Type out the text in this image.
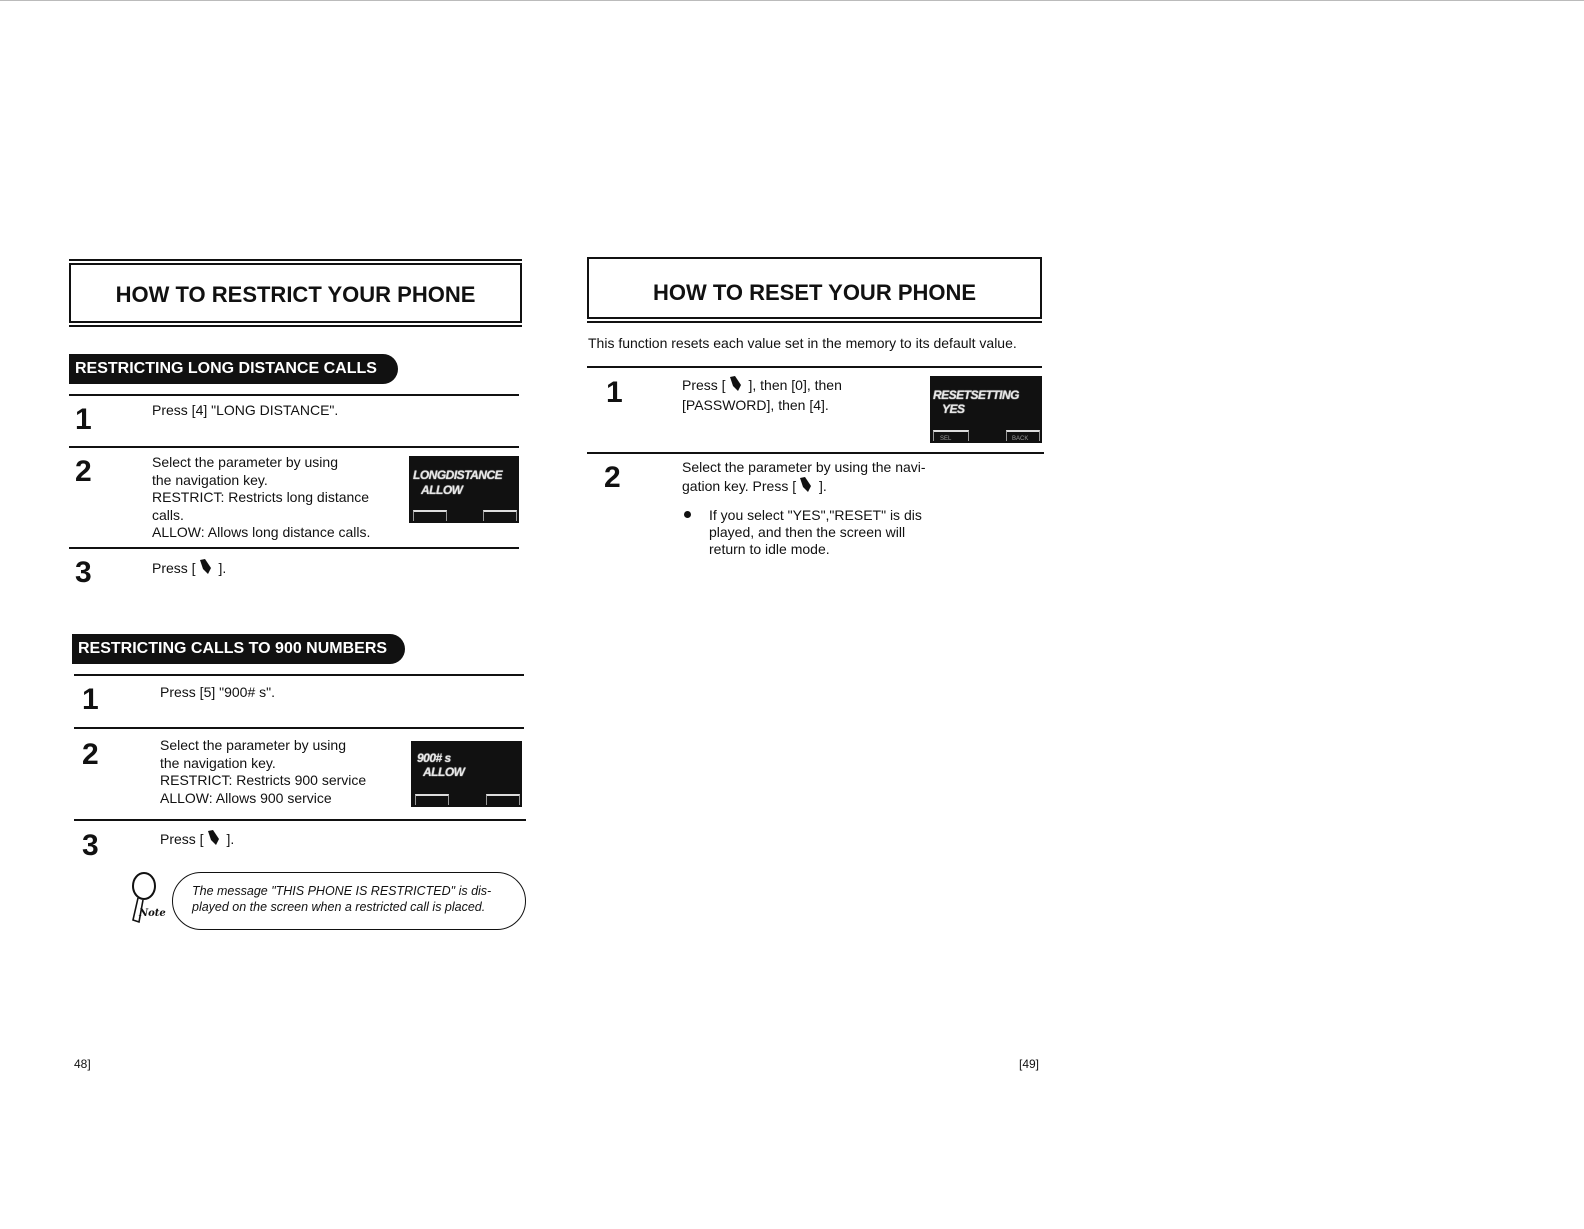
HOW TO RESTRICT YOUR PHONE
RESTRICTING LONG DISTANCE CALLS
1	Press [4] "LONG DISTANCE".
2	Select the parameter by using
the navigation key.
RESTRICT: Restricts long distance
calls.
ALLOW: Allows long distance calls.
LONGDISTANCE
ALLOW
3	Press [ ].
RESTRICTING CALLS TO 900 NUMBERS
1	Press [5] "900# s".
2	Select the parameter by using
the navigation key.
RESTRICT: Restricts 900 service
ALLOW: Allows 900 service
900# s
ALLOW
3	Press [ ].
Note
The message "THIS PHONE IS RESTRICTED" is dis-
played on the screen when a restricted call is placed.
48]
HOW TO RESET YOUR PHONE
This function resets each value set in the memory to its default value.
1	Press [ ], then [0], then
[PASSWORD], then [4].
RESETSETTING
YES
SEL	BACK
2	Select the parameter by using the navi-
gation key. Press [ ].
If you select "YES","RESET" is dis
played, and then the screen will
return to idle mode.
[49]
